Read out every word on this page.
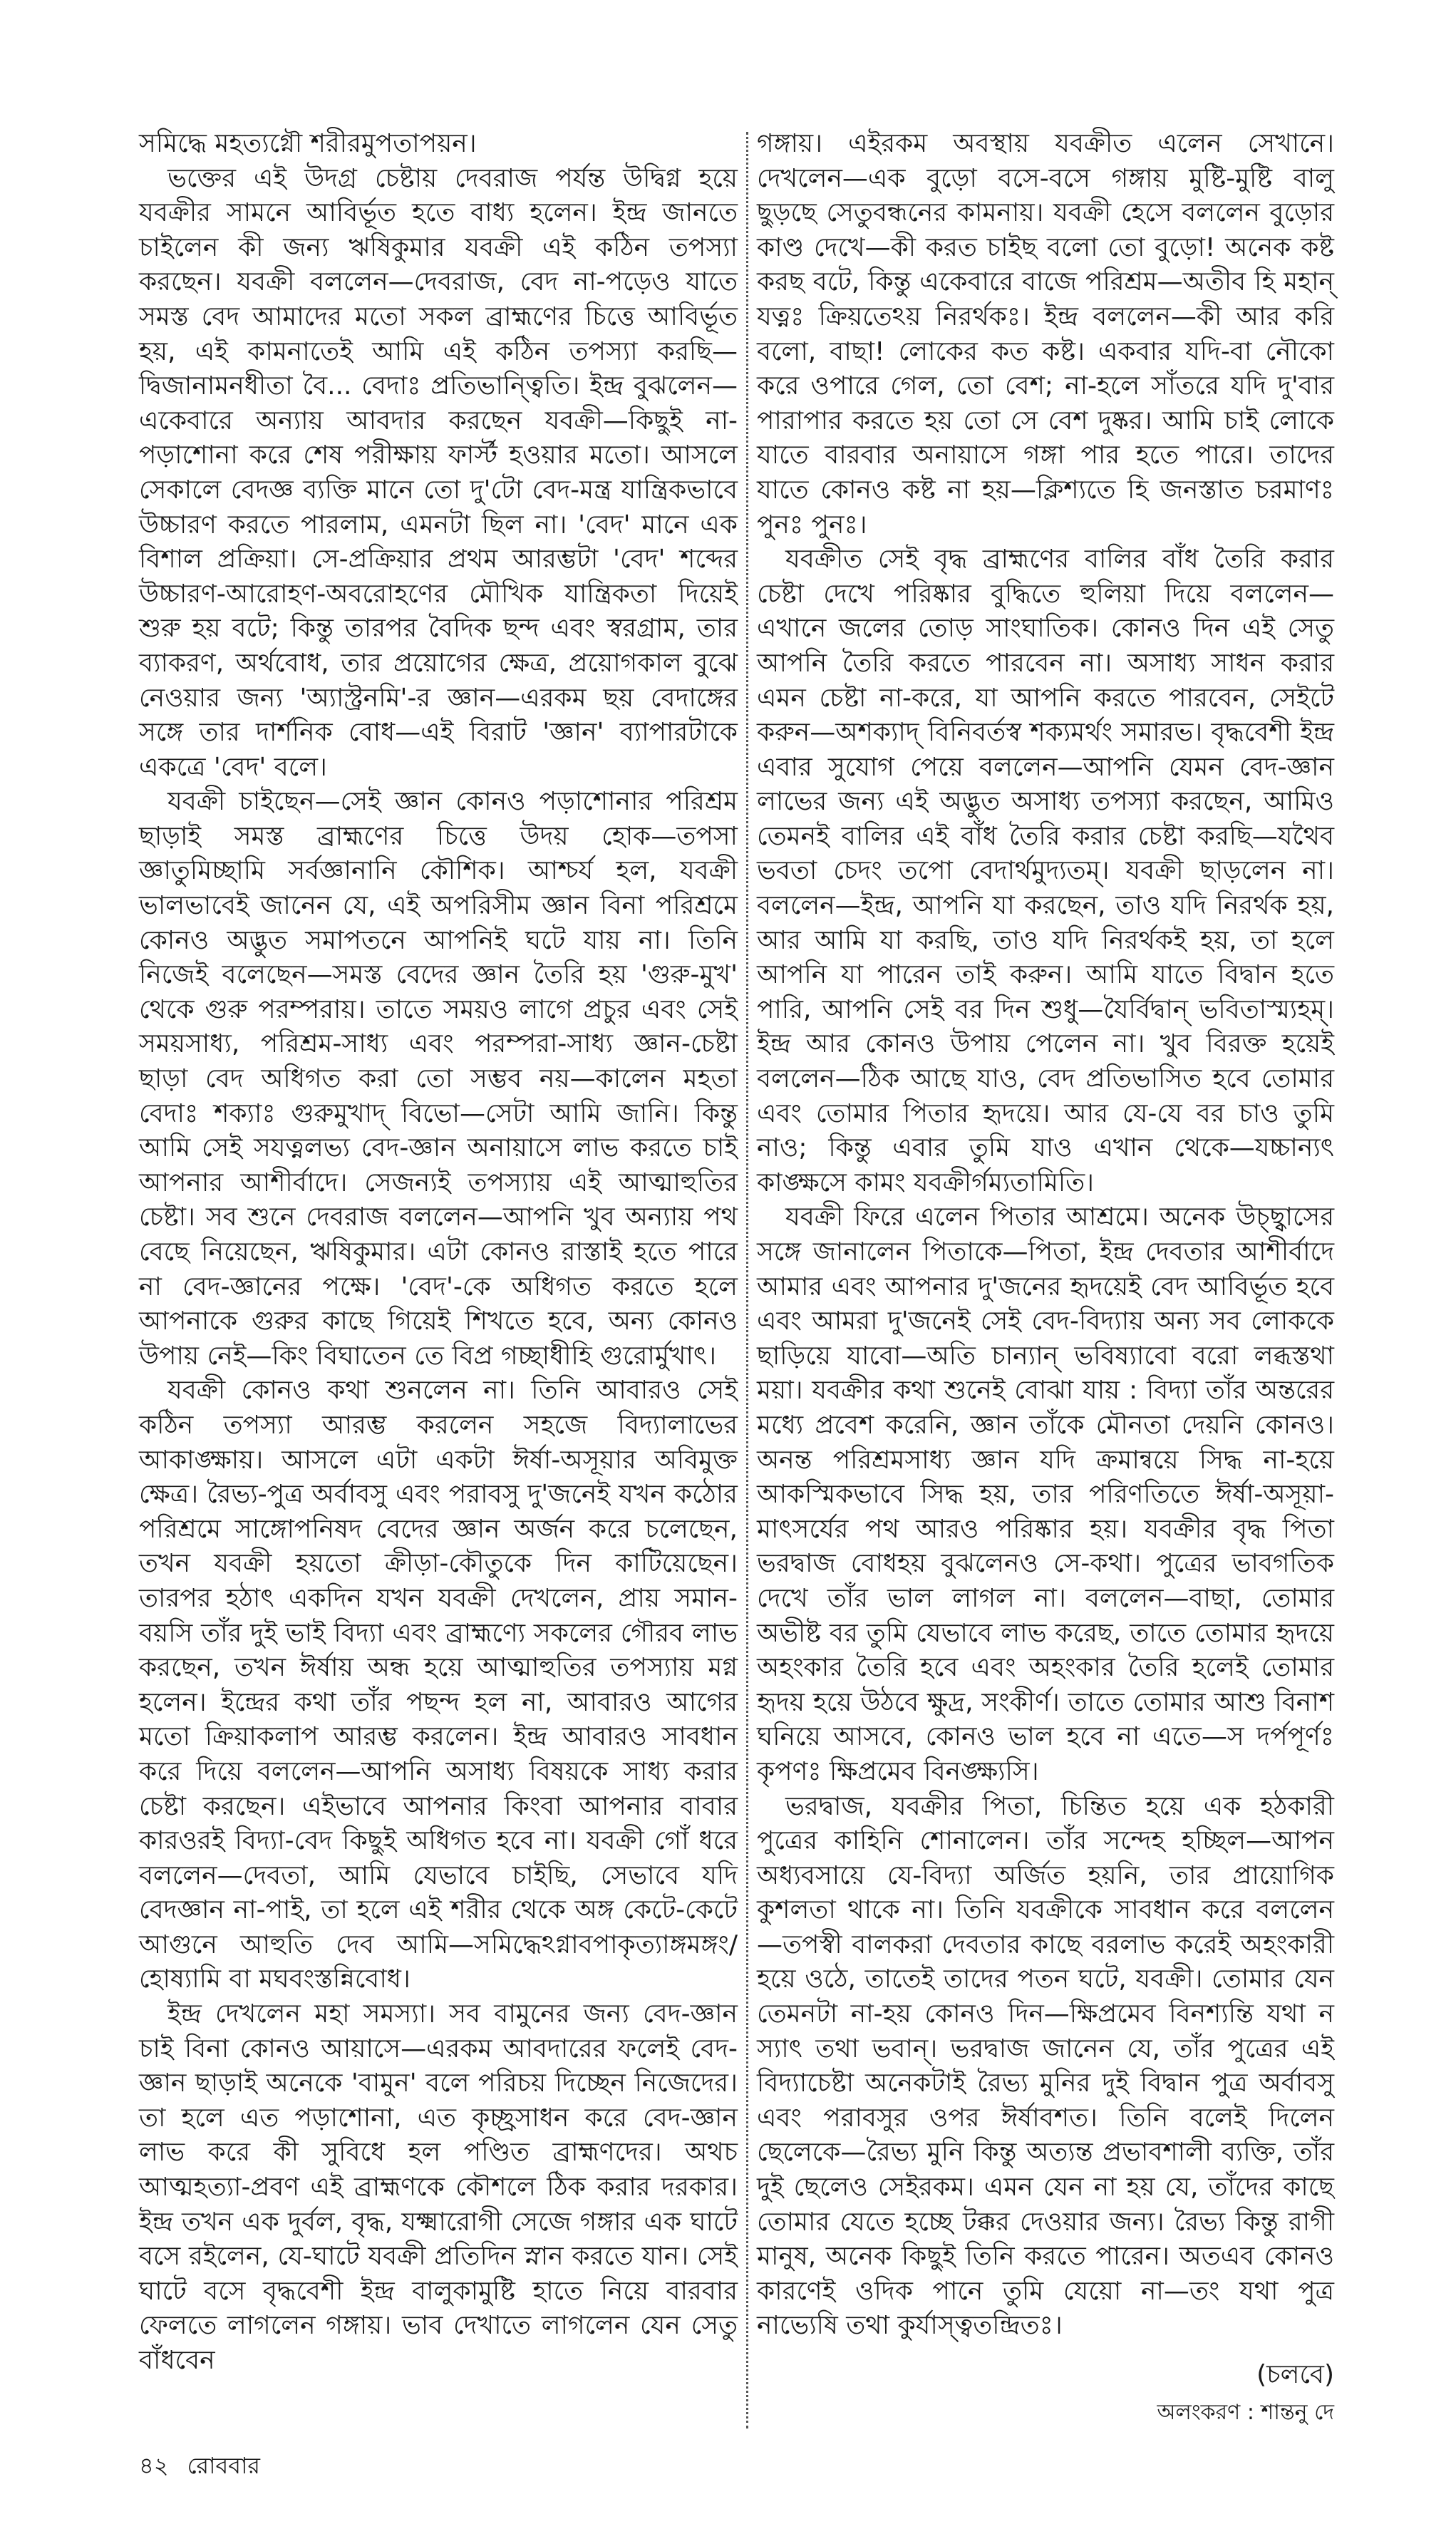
সমিদ্ধে মহত্যগ্নৌ শরীরমুপতাপয়ন।

ভক্তের এই উদগ্র চেষ্টায় দেবরাজ পর্যন্ত উদ্বিগ্ন হয়ে যবক্রীর সামনে আবির্ভূত হতে বাধ্য হলেন। ইন্দ্র জানতে চাইলেন কী জন্য ঋষিকুমার যবক্রী এই কঠিন তপস্যা করছেন। যবক্রী বললেন—দেবরাজ, বেদ না-পড়েও যাতে সমস্ত বেদ আমাদের মতো সকল ব্রাহ্মণের চিত্তে আবির্ভূত হয়, এই কামনাতেই আমি এই কঠিন তপস্যা করছি—দ্বিজানামনধীতা বৈ... বেদাঃ প্রতিভান্ত্বিতি। ইন্দ্র বুঝলেন—একেবারে অন্যায় আবদার করছেন যবক্রী—কিছুই না-পড়াশোনা করে শেষ পরীক্ষায় ফার্স্ট হওয়ার মতো। আসলে সেকালে বেদজ্ঞ ব্যক্তি মানে তো দু'টো বেদ-মন্ত্র যান্ত্রিকভাবে উচ্চারণ করতে পারলাম, এমনটা ছিল না। 'বেদ' মানে এক বিশাল প্রক্রিয়া। সে-প্রক্রিয়ার প্রথম আরম্ভটা 'বেদ' শব্দের উচ্চারণ-আরোহণ-অবরোহণের মৌখিক যান্ত্রিকতা দিয়েই শুরু হয় বটে; কিন্তু তারপর বৈদিক ছন্দ এবং স্বরগ্রাম, তার ব্যাকরণ, অর্থবোধ, তার প্রয়োগের ক্ষেত্র, প্রয়োগকাল বুঝে নেওয়ার জন্য 'অ্যাস্ট্রনমি'-র জ্ঞান—এরকম ছয় বেদাঙ্গের সঙ্গে তার দার্শনিক বোধ—এই বিরাট 'জ্ঞান' ব্যাপারটাকে একত্রে 'বেদ' বলে।

যবক্রী চাইছেন—সেই জ্ঞান কোনও পড়াশোনার পরিশ্রম ছাড়াই সমস্ত ব্রাহ্মণের চিত্তে উদয় হোক—তপসা জ্ঞাতুমিচ্ছামি সর্বজ্ঞানানি কৌশিক। আশ্চর্য হল, যবক্রী ভালভাবেই জানেন যে, এই অপরিসীম জ্ঞান বিনা পরিশ্রমে কোনও অদ্ভুত সমাপতনে আপনিই ঘটে যায় না। তিনি নিজেই বলেছেন—সমস্ত বেদের জ্ঞান তৈরি হয় 'গুরু-মুখ' থেকে গুরু পরম্পরায়। তাতে সময়ও লাগে প্রচুর এবং সেই সময়সাধ্য, পরিশ্রম-সাধ্য এবং পরম্পরা-সাধ্য জ্ঞান-চেষ্টা ছাড়া বেদ অধিগত করা তো সম্ভব নয়—কালেন মহতা বেদাঃ শক্যাঃ গুরুমুখাদ্ বিভো—সেটা আমি জানি। কিন্তু আমি সেই সযত্নলভ্য বেদ-জ্ঞান অনায়াসে লাভ করতে চাই আপনার আশীর্বাদে। সেজন্যই তপস্যায় এই আত্মাহুতির চেষ্টা। সব শুনে দেবরাজ বললেন—আপনি খুব অন্যায় পথ বেছে নিয়েছেন, ঋষিকুমার। এটা কোনও রাস্তাই হতে পারে না বেদ-জ্ঞানের পক্ষে। 'বেদ'-কে অধিগত করতে হলে আপনাকে গুরুর কাছে গিয়েই শিখতে হবে, অন্য কোনও উপায় নেই—কিং বিঘাতেন তে বিপ্র গচ্ছাধীহি গুরোর্মুখাৎ।

যবক্রী কোনও কথা শুনলেন না। তিনি আবারও সেই কঠিন তপস্যা আরম্ভ করলেন সহজে বিদ্যালাভের আকাঙ্ক্ষায়। আসলে এটা একটা ঈর্ষা-অসূয়ার অবিমুক্ত ক্ষেত্র। রৈভ্য-পুত্র অর্বাবসু এবং পরাবসু দু'জনেই যখন কঠোর পরিশ্রমে সাঙ্গোপনিষদ বেদের জ্ঞান অর্জন করে চলেছেন, তখন যবক্রী হয়তো ক্রীড়া-কৌতুকে দিন কাটিয়েছেন। তারপর হঠাৎ একদিন যখন যবক্রী দেখলেন, প্রায় সমান-বয়সি তাঁর দুই ভাই বিদ্যা এবং ব্রাহ্মণ্যে সকলের গৌরব লাভ করছেন, তখন ঈর্ষায় অন্ধ হয়ে আত্মাহুতির তপস্যায় মগ্ন হলেন। ইন্দ্রের কথা তাঁর পছন্দ হল না, আবারও আগের মতো ক্রিয়াকলাপ আরম্ভ করলেন। ইন্দ্র আবারও সাবধান করে দিয়ে বললেন—আপনি অসাধ্য বিষয়কে সাধ্য করার চেষ্টা করছেন। এইভাবে আপনার কিংবা আপনার বাবার কারওরই বিদ্যা-বেদ কিছুই অধিগত হবে না। যবক্রী গোঁ ধরে বললেন—দেবতা, আমি যেভাবে চাইছি, সেভাবে যদি বেদজ্ঞান না-পাই, তা হলে এই শরীর থেকে অঙ্গ কেটে-কেটে আগুনে আহুতি দেব আমি—সমিদ্ধেঽগ্নাবপাকৃত্যাঙ্গমঙ্গং/ হোষ্যামি বা মঘবংস্তন্নিবোধ।

ইন্দ্র দেখলেন মহা সমস্যা। সব বামুনের জন্য বেদ-জ্ঞান চাই বিনা কোনও আয়াসে—এরকম আবদারের ফলেই বেদ-জ্ঞান ছাড়াই অনেকে 'বামুন' বলে পরিচয় দিচ্ছেন নিজেদের। তা হলে এত পড়াশোনা, এত কৃচ্ছ্রসাধন করে বেদ-জ্ঞান লাভ করে কী সুবিধে হল পণ্ডিত ব্রাহ্মণদের। অথচ আত্মহত্যা-প্রবণ এই ব্রাহ্মণকে কৌশলে ঠিক করার দরকার। ইন্দ্র তখন এক দুর্বল, বৃদ্ধ, যক্ষ্মারোগী সেজে গঙ্গার এক ঘাটে বসে রইলেন, যে-ঘাটে যবক্রী প্রতিদিন স্নান করতে যান। সেই ঘাটে বসে বৃদ্ধবেশী ইন্দ্র বালুকামুষ্টি হাতে নিয়ে বারবার ফেলতে লাগলেন গঙ্গায়। ভাব দেখাতে লাগলেন যেন সেতু বাঁধবেন

গঙ্গায়। এইরকম অবস্থায় যবক্রীত এলেন সেখানে। দেখলেন—এক বুড়ো বসে-বসে গঙ্গায় মুষ্টি-মুষ্টি বালু ছুড়ছে সেতুবন্ধনের কামনায়। যবক্রী হেসে বললেন বুড়োর কাণ্ড দেখে—কী করত চাইছ বলো তো বুড়ো! অনেক কষ্ট করছ বটে, কিন্তু একেবারে বাজে পরিশ্রম—অতীব হি মহান্ যত্নঃ ক্রিয়তেঽয় নিরর্থকঃ। ইন্দ্র বললেন—কী আর করি বলো, বাছা! লোকের কত কষ্ট। একবার যদি-বা নৌকো করে ওপারে গেল, তো বেশ; না-হলে সাঁতরে যদি দু'বার পারাপার করতে হয় তো সে বেশ দুষ্কর। আমি চাই লোকে যাতে বারবার অনায়াসে গঙ্গা পার হতে পারে। তাদের যাতে কোনও কষ্ট না হয়—ক্লিশ্যতে হি জনস্তাত চরমাণঃ পুনঃ পুনঃ।

যবক্রীত সেই বৃদ্ধ ব্রাহ্মণের বালির বাঁধ তৈরি করার চেষ্টা দেখে পরিষ্কার বুদ্ধিতে হুলিয়া দিয়ে বললেন—এখানে জলের তোড় সাংঘাতিক। কোনও দিন এই সেতু আপনি তৈরি করতে পারবেন না। অসাধ্য সাধন করার এমন চেষ্টা না-করে, যা আপনি করতে পারবেন, সেইটে করুন—অশক্যাদ্ বিনিবর্তস্ব শক্যমর্থং সমারভ। বৃদ্ধবেশী ইন্দ্র এবার সুযোগ পেয়ে বললেন—আপনি যেমন বেদ-জ্ঞান লাভের জন্য এই অদ্ভুত অসাধ্য তপস্যা করছেন, আমিও তেমনই বালির এই বাঁধ তৈরি করার চেষ্টা করছি—যথৈব ভবতা চেদং তপো বেদার্থমুদ্যতম্। যবক্রী ছাড়লেন না। বললেন—ইন্দ্র, আপনি যা করছেন, তাও যদি নিরর্থক হয়, আর আমি যা করছি, তাও যদি নিরর্থকই হয়, তা হলে আপনি যা পারেন তাই করুন। আমি যাতে বিদ্বান হতে পারি, আপনি সেই বর দিন শুধু—যৈর্বিদ্বান্ ভবিতাস্ম্যহম্। ইন্দ্র আর কোনও উপায় পেলেন না। খুব বিরক্ত হয়েই বললেন—ঠিক আছে যাও, বেদ প্রতিভাসিত হবে তোমার এবং তোমার পিতার হৃদয়ে। আর যে-যে বর চাও তুমি নাও; কিন্তু এবার তুমি যাও এখান থেকে—যচ্চান্যৎ কাঙ্ক্ষসে কামং যবক্রীর্গম্যতামিতি।

যবক্রী ফিরে এলেন পিতার আশ্রমে। অনেক উচ্ছ্বাসের সঙ্গে জানালেন পিতাকে—পিতা, ইন্দ্র দেবতার আশীর্বাদে আমার এবং আপনার দু'জনের হৃদয়েই বেদ আবির্ভূত হবে এবং আমরা দু'জনেই সেই বেদ-বিদ্যায় অন্য সব লোককে ছাড়িয়ে যাবো—অতি চান্যান্ ভবিষ্যাবো বরো লব্ধস্তথা ময়া। যবক্রীর কথা শুনেই বোঝা যায় : বিদ্যা তাঁর অন্তরের মধ্যে প্রবেশ করেনি, জ্ঞান তাঁকে মৌনতা দেয়নি কোনও। অনন্ত পরিশ্রমসাধ্য জ্ঞান যদি ক্রমান্বয়ে সিদ্ধ না-হয়ে আকস্মিকভাবে সিদ্ধ হয়, তার পরিণতিতে ঈর্ষা-অসূয়া-মাৎসর্যের পথ আরও পরিষ্কার হয়। যবক্রীর বৃদ্ধ পিতা ভরদ্বাজ বোধহয় বুঝলেনও সে-কথা। পুত্রের ভাবগতিক দেখে তাঁর ভাল লাগল না। বললেন—বাছা, তোমার অভীষ্ট বর তুমি যেভাবে লাভ করেছ, তাতে তোমার হৃদয়ে অহংকার তৈরি হবে এবং অহংকার তৈরি হলেই তোমার হৃদয় হয়ে উঠবে ক্ষুদ্র, সংকীর্ণ। তাতে তোমার আশু বিনাশ ঘনিয়ে আসবে, কোনও ভাল হবে না এতে—স দর্পপূর্ণঃ কৃপণঃ ক্ষিপ্রমেব বিনঙ্ক্ষ্যসি।

ভরদ্বাজ, যবক্রীর পিতা, চিন্তিত হয়ে এক হঠকারী পুত্রের কাহিনি শোনালেন। তাঁর সন্দেহ হচ্ছিল—আপন অধ্যবসায়ে যে-বিদ্যা অর্জিত হয়নি, তার প্রায়োগিক কুশলতা থাকে না। তিনি যবক্রীকে সাবধান করে বললেন—তপস্বী বালকরা দেবতার কাছে বরলাভ করেই অহংকারী হয়ে ওঠে, তাতেই তাদের পতন ঘটে, যবক্রী। তোমার যেন তেমনটা না-হয় কোনও দিন—ক্ষিপ্রমেব বিনশ্যন্তি যথা ন স্যাৎ তথা ভবান্। ভরদ্বাজ জানেন যে, তাঁর পুত্রের এই বিদ্যাচেষ্টা অনেকটাই রৈভ্য মুনির দুই বিদ্বান পুত্র অর্বাবসু এবং পরাবসুর ওপর ঈর্ষাবশত। তিনি বলেই দিলেন ছেলেকে—রৈভ্য মুনি কিন্তু অত্যন্ত প্রভাবশালী ব্যক্তি, তাঁর দুই ছেলেও সেইরকম। এমন যেন না হয় যে, তাঁদের কাছে তোমার যেতে হচ্ছে টক্কর দেওয়ার জন্য। রৈভ্য কিন্তু রাগী মানুষ, অনেক কিছুই তিনি করতে পারেন। অতএব কোনও কারণেই ওদিক পানে তুমি যেয়ো না—তং যথা পুত্র নাভ্যেষি তথা কুর্যাস্ত্বতন্দ্রিতঃ।

(চলবে)

অলংকরণ : শান্তনু দে

৪২ রোববার
